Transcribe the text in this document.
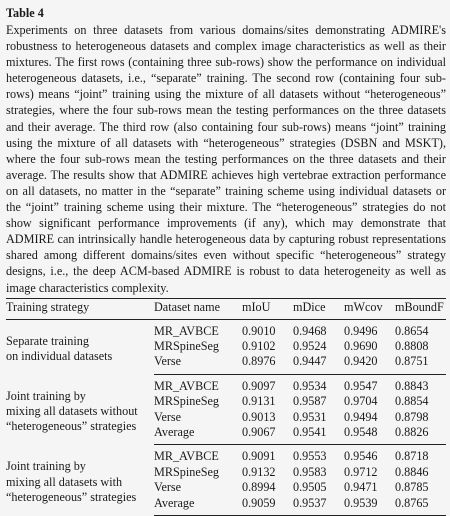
Table 4
Experiments on three datasets from various domains/sites demonstrating ADMIRE's robustness to heterogeneous datasets and complex image characteristics as well as their mixtures. The first rows (containing three sub-rows) show the performance on individual heterogeneous datasets, i.e., “separate” training. The second row (containing four sub-rows) means “joint” training using the mixture of all datasets without “heterogeneous” strategies, where the four sub-rows mean the testing performances on the three datasets and their average. The third row (also containing four sub-rows) means “joint” training using the mixture of all datasets with “heterogeneous” strategies (DSBN and MSKT), where the four sub-rows mean the testing performances on the three datasets and their average. The results show that ADMIRE achieves high vertebrae extraction performance on all datasets, no matter in the “separate” training scheme using individual datasets or the “joint” training scheme using their mixture. The “heterogeneous” strategies do not show significant performance improvements (if any), which may demonstrate that ADMIRE can intrinsically handle heterogeneous data by capturing robust representations shared among different domains/sites even without specific “heterogeneous” strategy designs, i.e., the deep ACM-based ADMIRE is robust to data heterogeneity as well as image characteristics complexity.
Training strategy	Dataset name	mIoU	mDice	mWcov	mBoundF

Separate training
on individual datasets	MR_AVBCE	0.9010	0.9468	0.9496	0.8654
	MRSpineSeg	0.9102	0.9524	0.9690	0.8808
	Verse	0.8976	0.9447	0.9420	0.8751

Joint training by
mixing all datasets without
“heterogeneous” strategies	MR_AVBCE	0.9097	0.9534	0.9547	0.8843
	MRSpineSeg	0.9131	0.9587	0.9704	0.8854
	Verse	0.9013	0.9531	0.9494	0.8798
	Average	0.9067	0.9541	0.9548	0.8826

Joint training by
mixing all datasets with
“heterogeneous” strategies	MR_AVBCE	0.9091	0.9553	0.9546	0.8718
	MRSpineSeg	0.9132	0.9583	0.9712	0.8846
	Verse	0.8994	0.9505	0.9471	0.8785
	Average	0.9059	0.9537	0.9539	0.8765
